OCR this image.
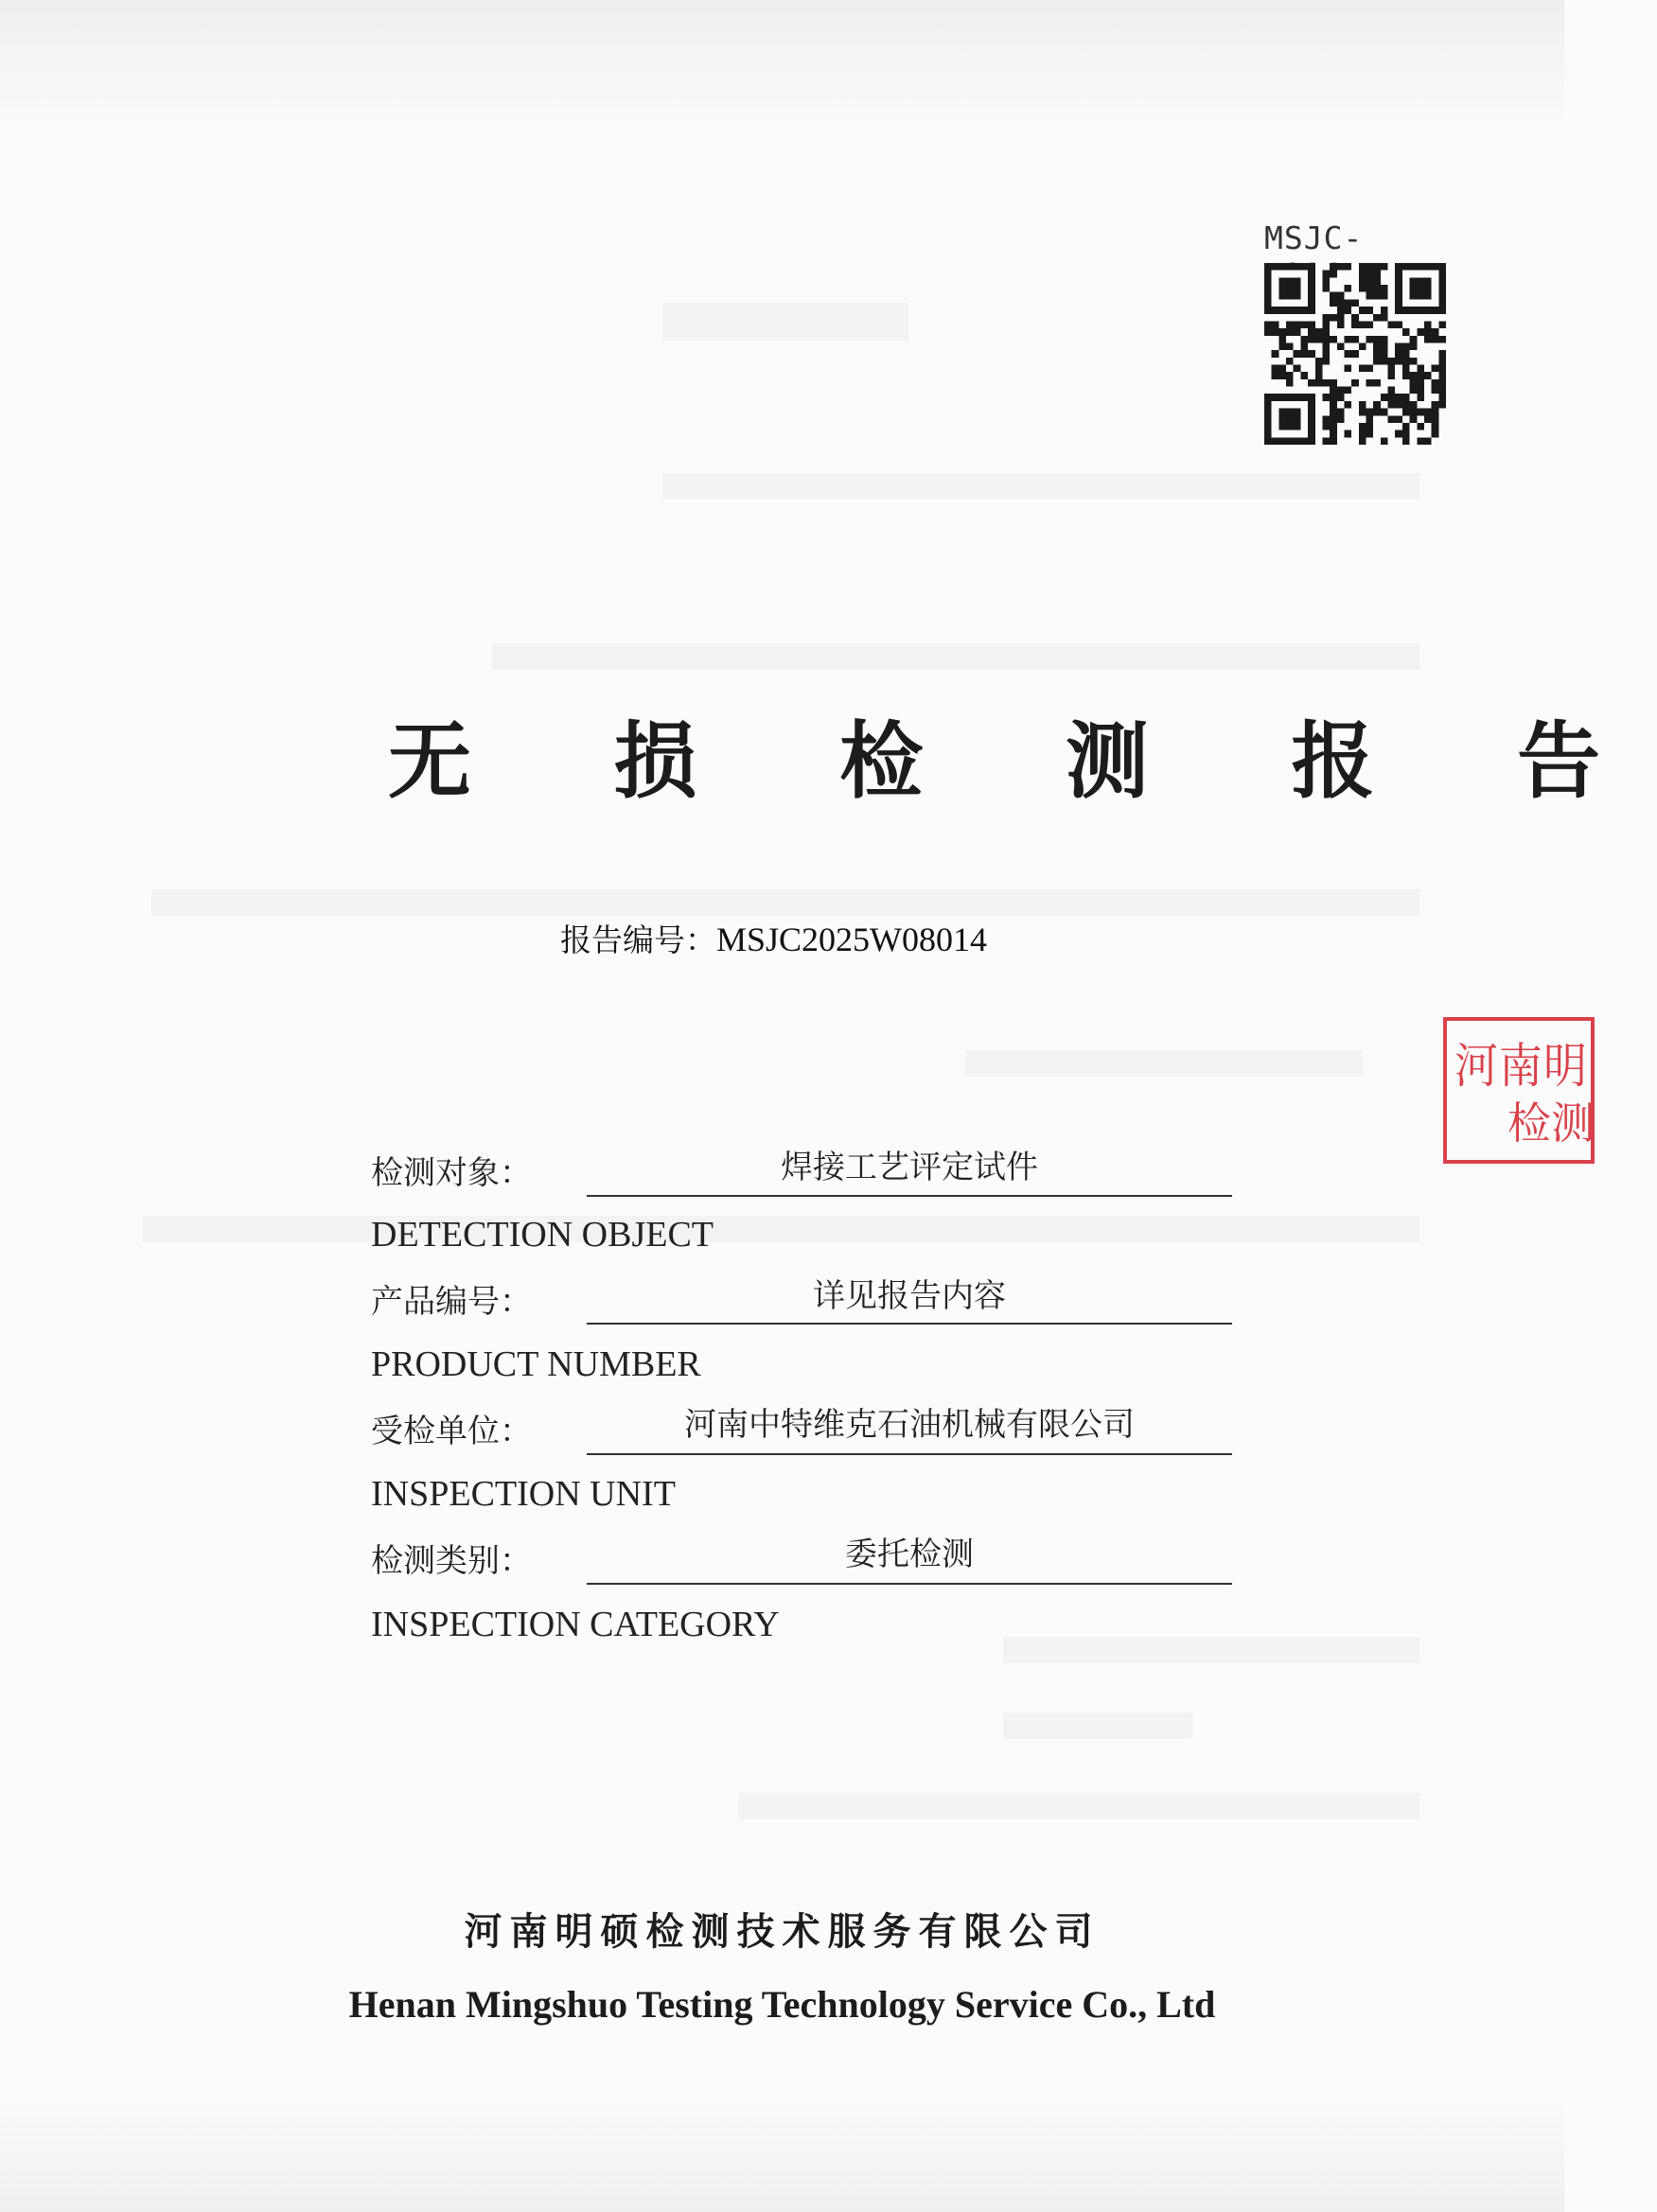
MSJC-
河南明
检测
无 损 检 测 报 告
报告编号：MSJC2025W08014
检测对象：	焊接工艺评定试件
DETECTION OBJECT
产品编号：	详见报告内容
PRODUCT NUMBER
受检单位：	河南中特维克石油机械有限公司
INSPECTION UNIT
检测类别：	委托检测
INSPECTION CATEGORY
河南明硕检测技术服务有限公司
Henan Mingshuo Testing Technology Service Co., Ltd
